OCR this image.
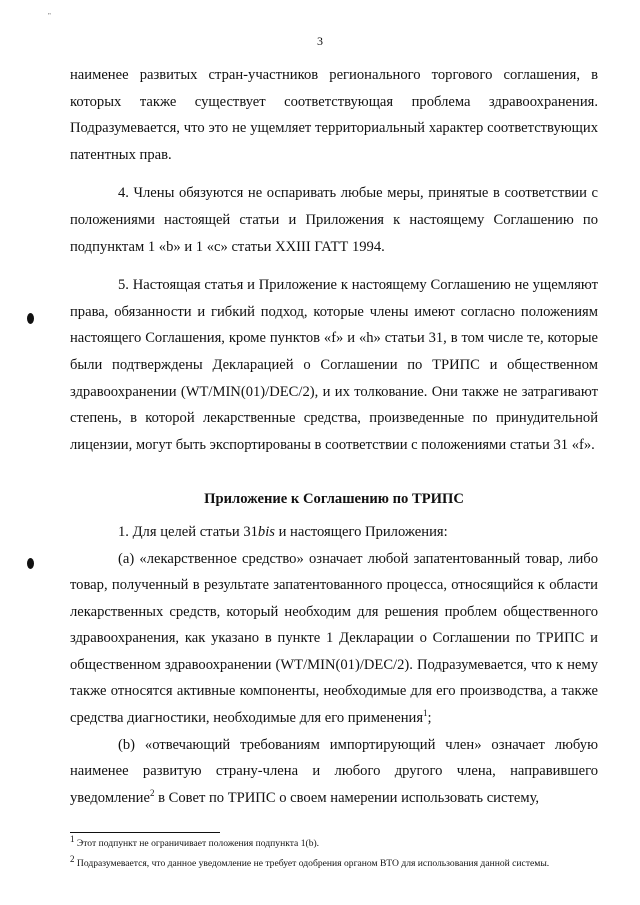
"
3

наименее развитых стран-участников регионального торгового соглашения, в которых также существует соответствующая проблема здравоохранения. Подразумевается, что это не ущемляет территориальный характер соответствующих патентных прав.

4. Члены обязуются не оспаривать любые меры, принятые в соответствии с положениями настоящей статьи и Приложения к настоящему Соглашению по подпунктам 1 «b» и 1 «c» статьи XXIII ГАТТ 1994.

5. Настоящая статья и Приложение к настоящему Соглашению не ущемляют права, обязанности и гибкий подход, которые члены имеют согласно положениям настоящего Соглашения, кроме пунктов «f» и «h» статьи 31, в том числе те, которые были подтверждены Декларацией о Соглашении по ТРИПС и общественном здравоохранении (WT/MIN(01)/DEC/2), и их толкование. Они также не затрагивают степень, в которой лекарственные средства, произведенные по принудительной лицензии, могут быть экспортированы в соответствии с положениями статьи 31 «f».

Приложение к Соглашению по ТРИПС

1. Для целей статьи 31bis и настоящего Приложения:

(a) «лекарственное средство» означает любой запатентованный товар, либо товар, полученный в результате запатентованного процесса, относящийся к области лекарственных средств, который необходим для решения проблем общественного здравоохранения, как указано в пункте 1 Декларации о Соглашении по ТРИПС и общественном здравоохранении (WT/MIN(01)/DEC/2). Подразумевается, что к нему также относятся активные компоненты, необходимые для его производства, а также средства диагностики, необходимые для его применения$^1$;

(b) «отвечающий требованиям импортирующий член» означает любую наименее развитую страну-члена и любого другого члена, направившего уведомление$^2$ в Совет по ТРИПС о своем намерении использовать систему,

$^1$ Этот подпункт не ограничивает положения подпункта 1(b).
$^2$ Подразумевается, что данное уведомление не требует одобрения органом ВТО для использования данной системы.
